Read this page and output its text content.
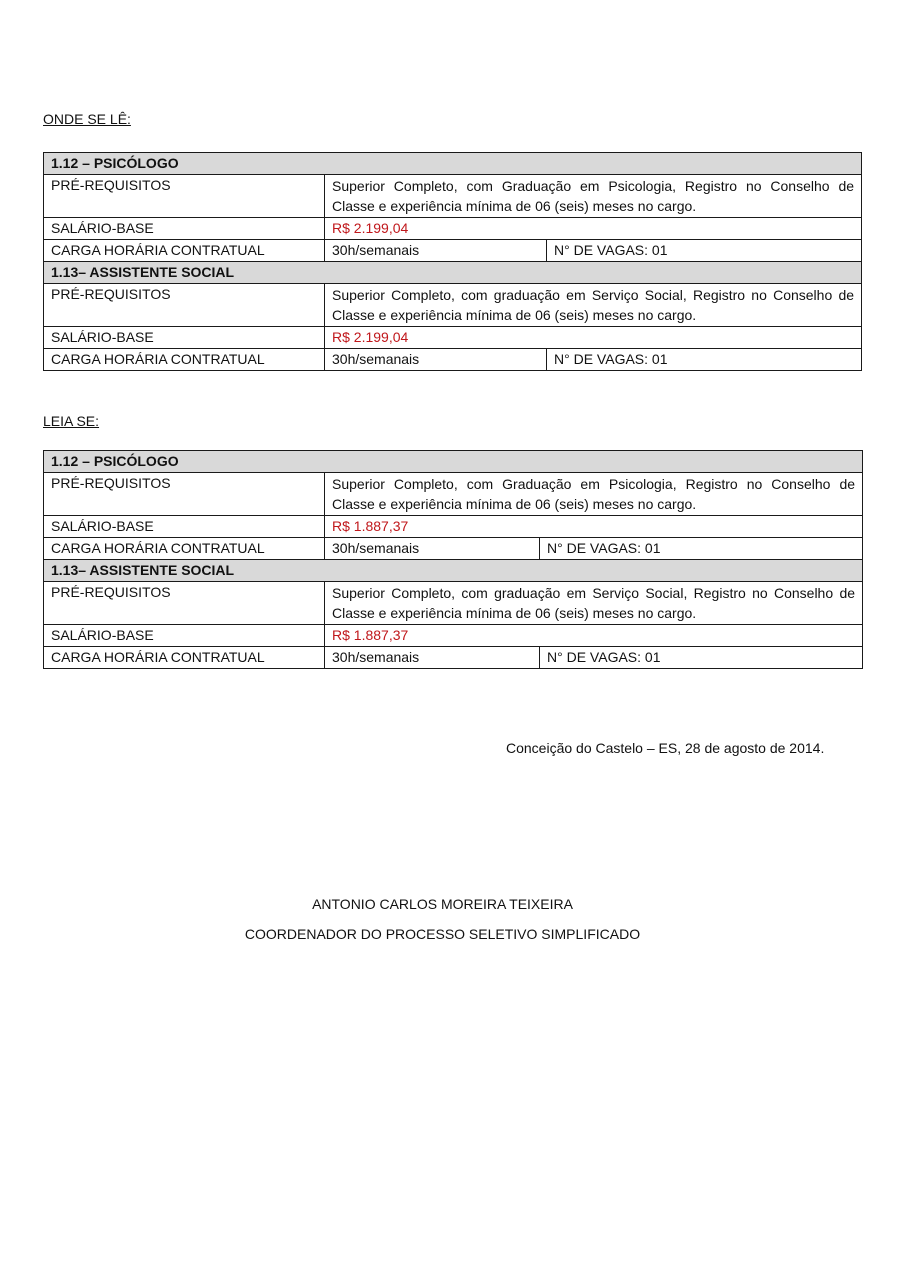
ONDE SE LÊ:

1.12 – PSICÓLOGO		
PRÉ-REQUISITOS	Superior Completo, com Graduação em Psicologia, Registro no Conselho de Classe e experiência mínima de 06 (seis) meses no cargo.	
SALÁRIO-BASE	R$ 2.199,04	
CARGA HORÁRIA CONTRATUAL	30h/semanais	N° DE VAGAS: 01
1.13– ASSISTENTE SOCIAL		
PRÉ-REQUISITOS	Superior Completo, com graduação em Serviço Social, Registro no Conselho de Classe e experiência mínima de 06 (seis) meses no cargo.	
SALÁRIO-BASE	R$ 2.199,04	
CARGA HORÁRIA CONTRATUAL	30h/semanais	N° DE VAGAS: 01

LEIA SE:

1.12 – PSICÓLOGO		
PRÉ-REQUISITOS	Superior Completo, com Graduação em Psicologia, Registro no Conselho de Classe e experiência mínima de 06 (seis) meses no cargo.	
SALÁRIO-BASE	R$ 1.887,37	
CARGA HORÁRIA CONTRATUAL	30h/semanais	N° DE VAGAS: 01
1.13– ASSISTENTE SOCIAL		
PRÉ-REQUISITOS	Superior Completo, com graduação em Serviço Social, Registro no Conselho de Classe e experiência mínima de 06 (seis) meses no cargo.	
SALÁRIO-BASE	R$ 1.887,37	
CARGA HORÁRIA CONTRATUAL	30h/semanais	N° DE VAGAS: 01

Conceição do Castelo – ES, 28 de agosto de 2014.

ANTONIO CARLOS MOREIRA TEIXEIRA

COORDENADOR DO PROCESSO SELETIVO SIMPLIFICADO
